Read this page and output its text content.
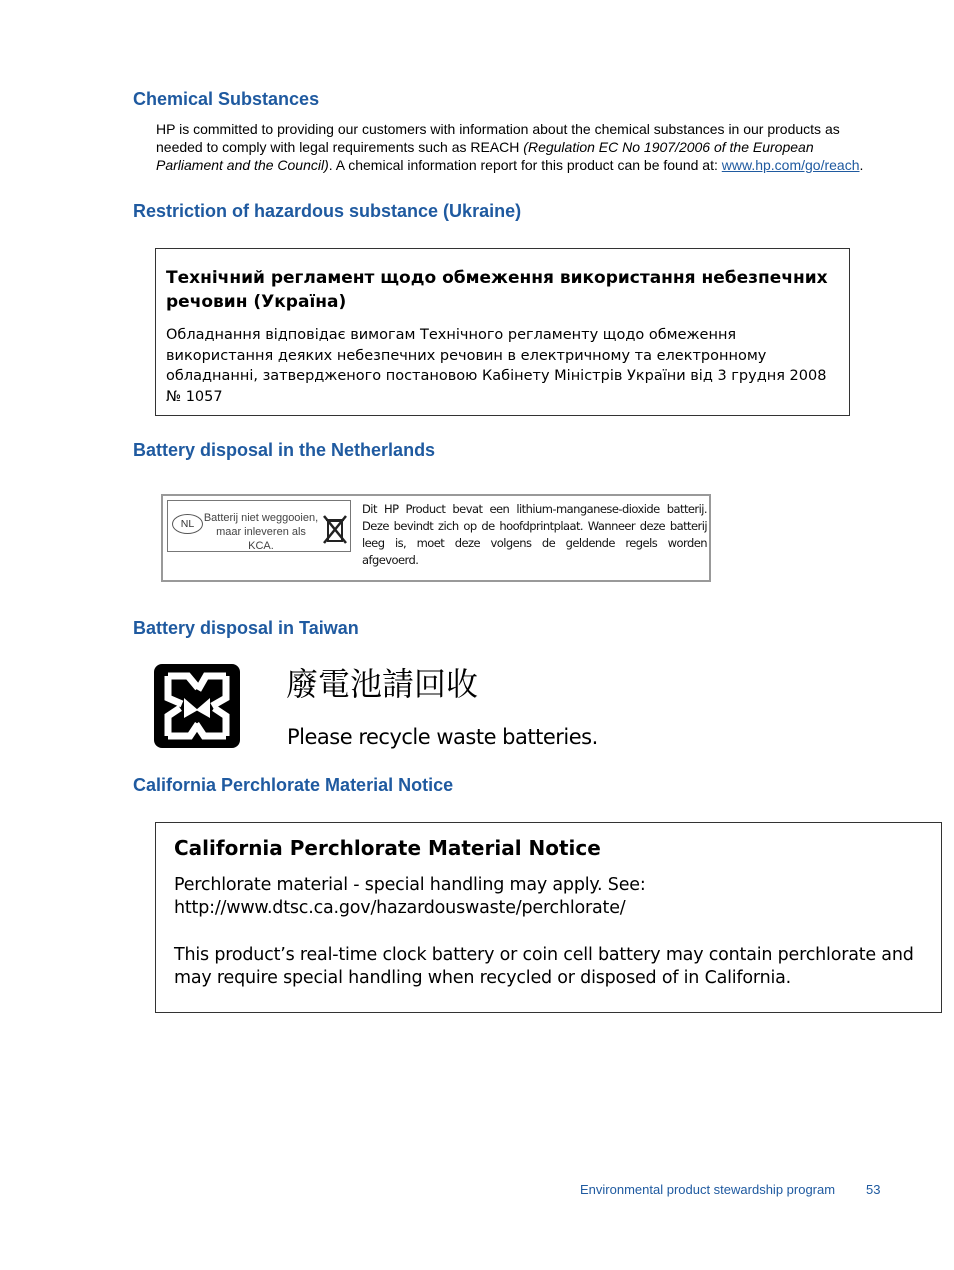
Chemical Substances

HP is committed to providing our customers with information about the chemical substances in our products as needed to comply with legal requirements such as REACH (Regulation EC No 1907/2006 of the European Parliament and the Council). A chemical information report for this product can be found at: www.hp.com/go/reach.

Restriction of hazardous substance (Ukraine)

Технічний регламент щодо обмеження використання небезпечних речовин (Україна)

Обладнання відповідає вимогам Технічного регламенту щодо обмеження використання деяких небезпечних речовин в електричному та електронному обладнанні, затвердженого постановою Кабінету Міністрів України від 3 грудня 2008 № 1057

Battery disposal in the Netherlands
NL Batterij niet weggooien, maar inleveren als KCA.

Dit HP Product bevat een lithium-manganese-dioxide batterij. Deze bevindt zich op de hoofdprintplaat. Wanneer deze batterij leeg is, moet deze volgens de geldende regels worden afgevoerd.

Battery disposal in Taiwan

廢電池請回收

Please recycle waste batteries.

California Perchlorate Material Notice

California Perchlorate Material Notice

Perchlorate material - special handling may apply. See: http://www.dtsc.ca.gov/hazardouswaste/perchlorate/

This product’s real-time clock battery or coin cell battery may contain perchlorate and may require special handling when recycled or disposed of in California.

Environmental product stewardship program 53
